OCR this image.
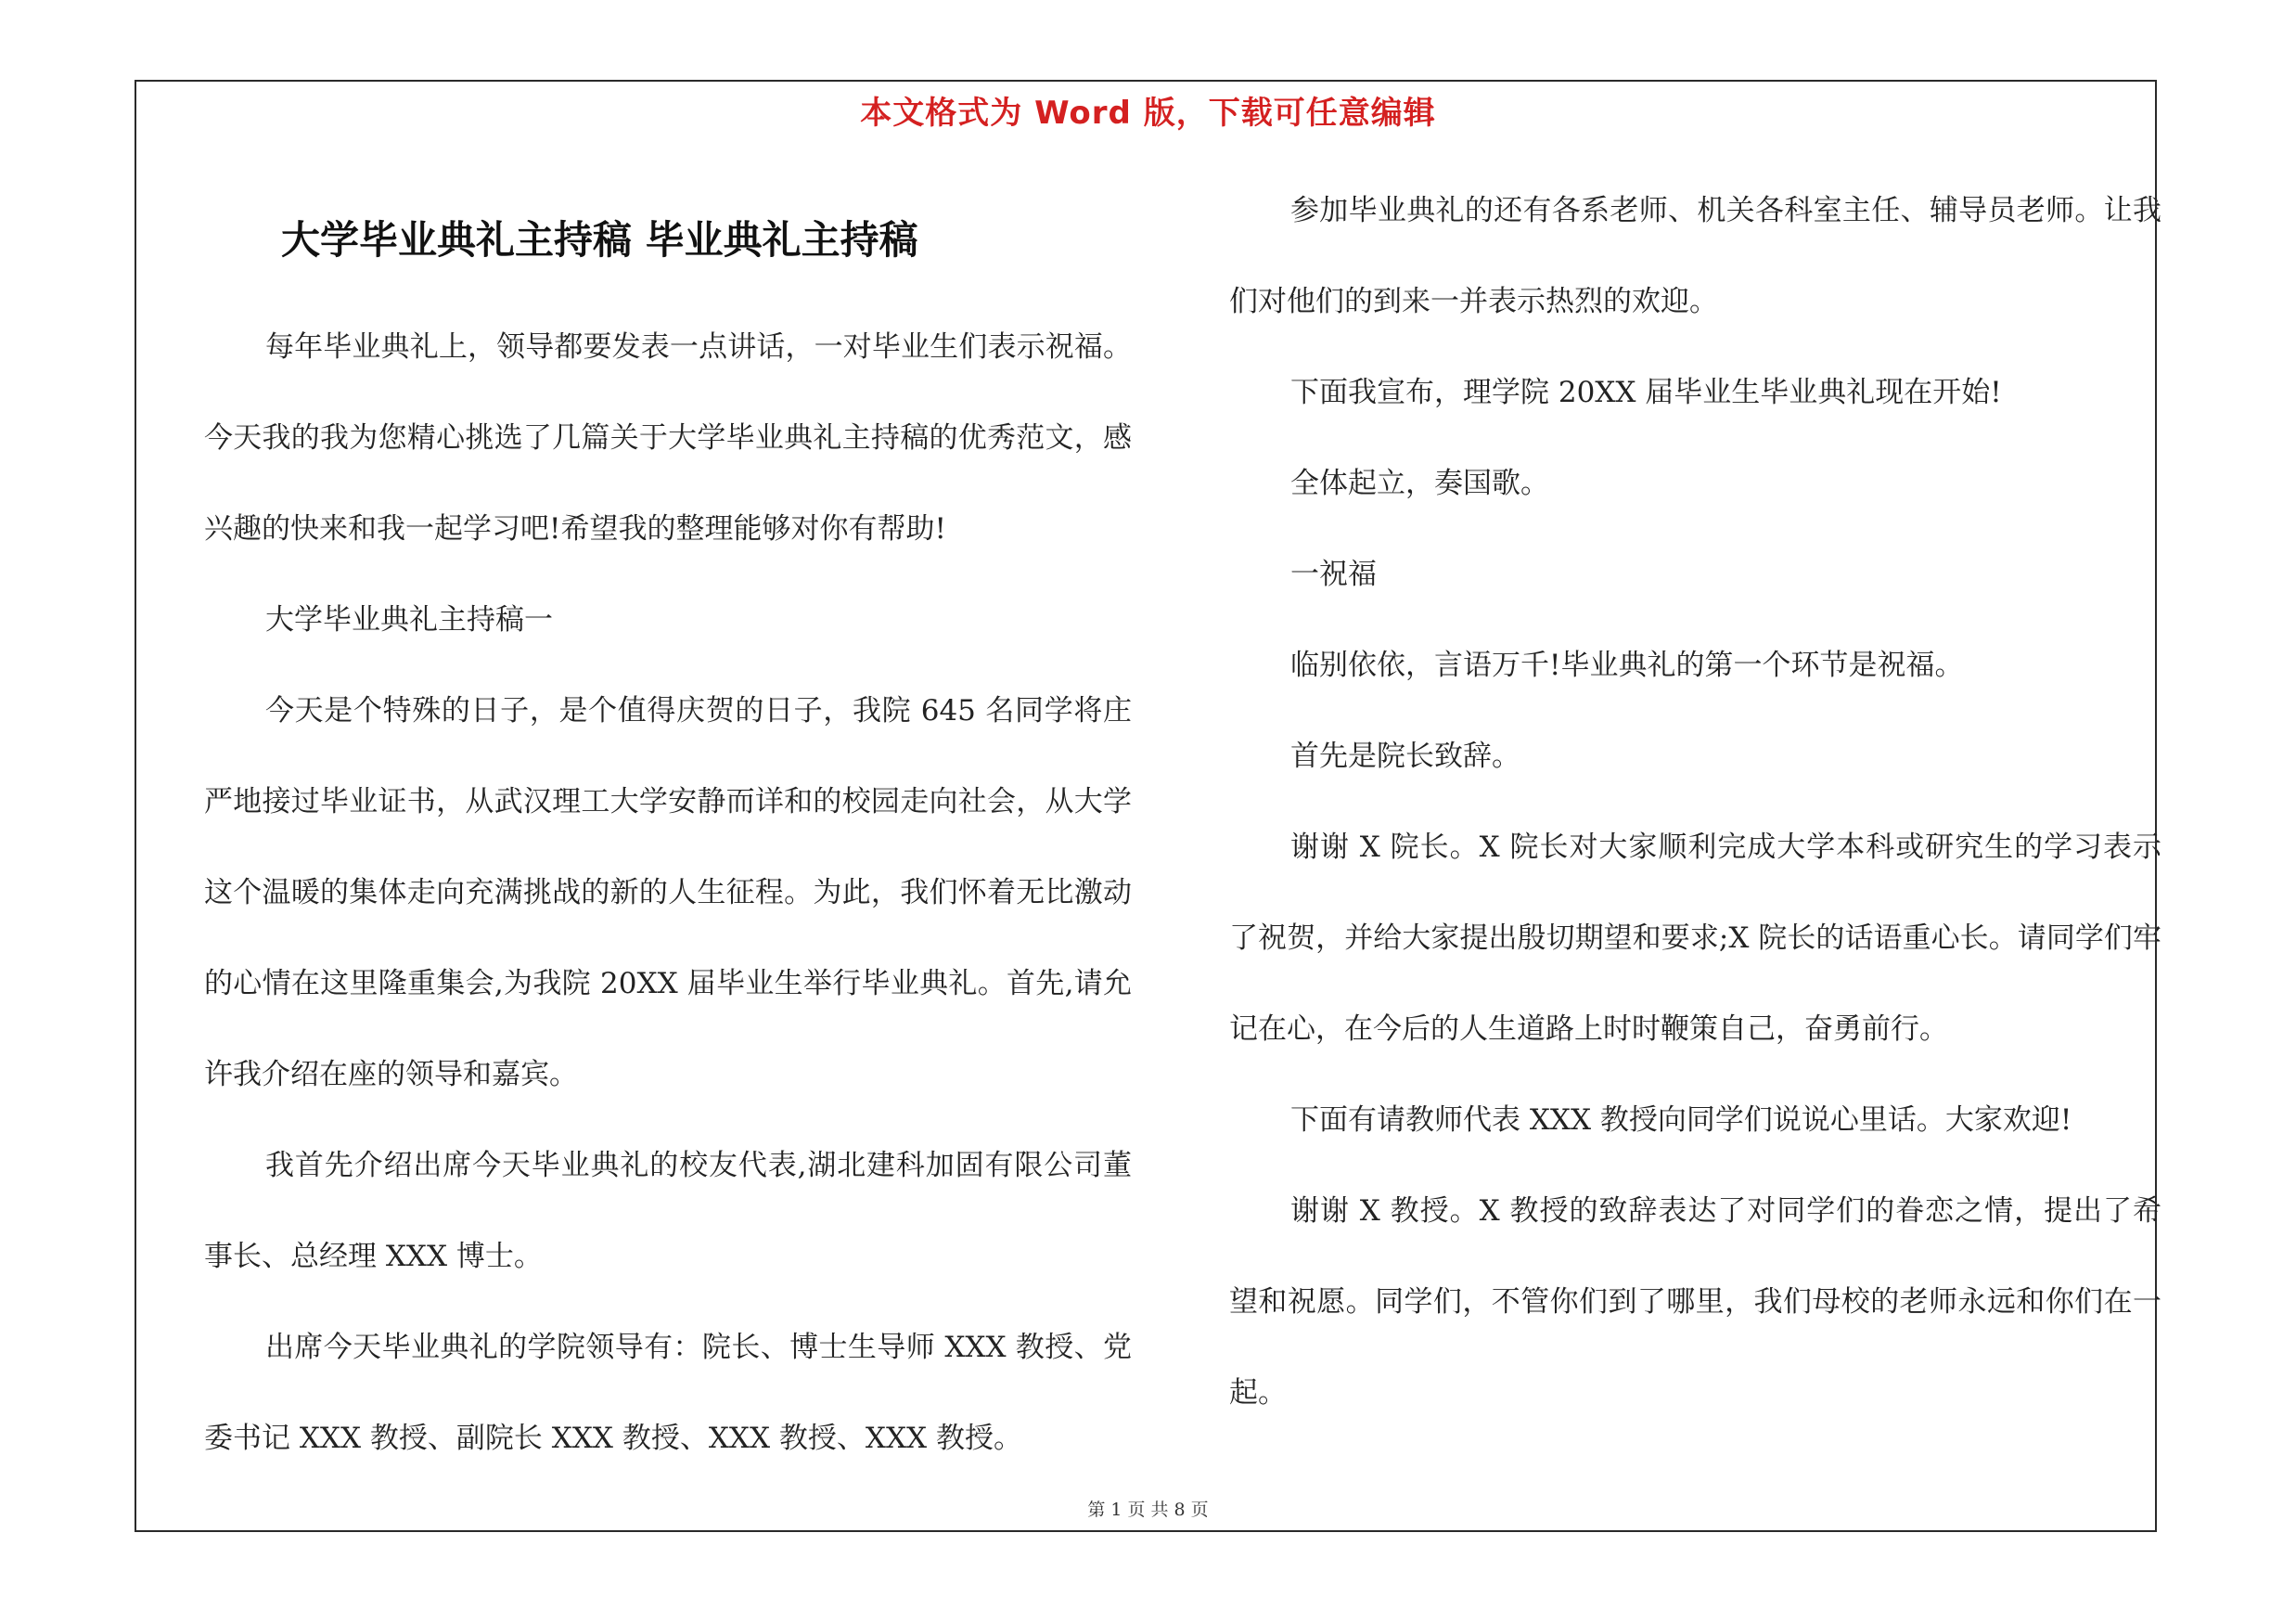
本文格式为 Word 版，下载可任意编辑
大学毕业典礼主持稿 毕业典礼主持稿
每年毕业典礼上，领导都要发表一点讲话，一对毕业生们表示祝福。今天我的我为您精心挑选了几篇关于大学毕业典礼主持稿的优秀范文，感兴趣的快来和我一起学习吧!希望我的整理能够对你有帮助!
大学毕业典礼主持稿一
今天是个特殊的日子，是个值得庆贺的日子，我院 645 名同学将庄严地接过毕业证书，从武汉理工大学安静而详和的校园走向社会，从大学这个温暖的集体走向充满挑战的新的人生征程。为此，我们怀着无比激动的心情在这里隆重集会,为我院 20XX 届毕业生举行毕业典礼。首先,请允许我介绍在座的领导和嘉宾。
我首先介绍出席今天毕业典礼的校友代表,湖北建科加固有限公司董事长、总经理 XXX 博士。
出席今天毕业典礼的学院领导有：院长、博士生导师 XXX 教授、党委书记 XXX 教授、副院长 XXX 教授、XXX 教授、XXX 教授。
参加毕业典礼的还有各系老师、机关各科室主任、辅导员老师。让我们对他们的到来一并表示热烈的欢迎。
下面我宣布，理学院 20XX 届毕业生毕业典礼现在开始!
全体起立，奏国歌。
一祝福
临别依依，言语万千!毕业典礼的第一个环节是祝福。
首先是院长致辞。
谢谢 X 院长。X 院长对大家顺利完成大学本科或研究生的学习表示了祝贺，并给大家提出殷切期望和要求;X 院长的话语重心长。请同学们牢记在心，在今后的人生道路上时时鞭策自己，奋勇前行。
下面有请教师代表 XXX 教授向同学们说说心里话。大家欢迎!
谢谢 X 教授。X 教授的致辞表达了对同学们的眷恋之情，提出了希望和祝愿。同学们，不管你们到了哪里，我们母校的老师永远和你们在一起。
第 1 页 共 8 页
